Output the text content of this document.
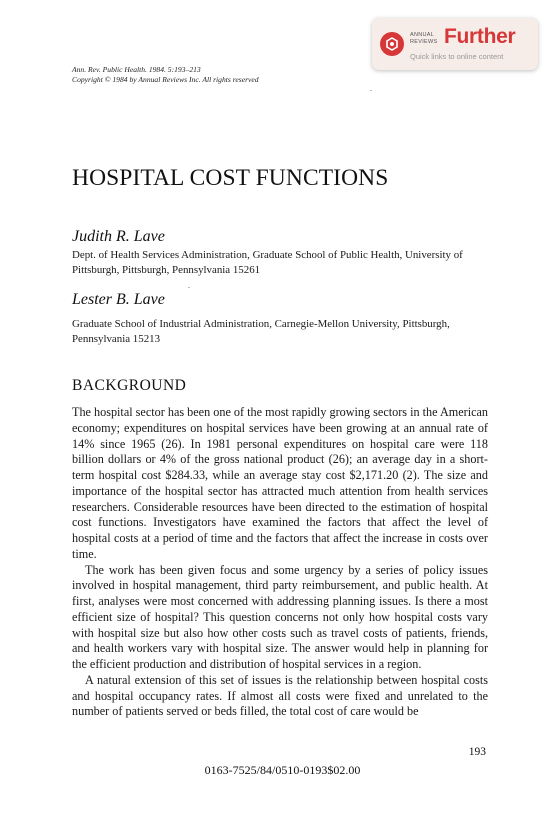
ANNUAL
REVIEWS Further
Quick links to online content
Ann. Rev. Public Health. 1984. 5:193–213
Copyright © 1984 by Annual Reviews Inc. All rights reserved
HOSPITAL COST FUNCTIONS
Judith R. Lave
Dept. of Health Services Administration, Graduate School of Public Health, University of Pittsburgh, Pittsburgh, Pennsylvania 15261
Lester B. Lave
Graduate School of Industrial Administration, Carnegie-Mellon University, Pittsburgh, Pennsylvania 15213
BACKGROUND

The hospital sector has been one of the most rapidly growing sectors in the American economy; expenditures on hospital services have been growing at an annual rate of 14% since 1965 (26). In 1981 personal expenditures on hospital care were 118 billion dollars or 4% of the gross national product (26); an average day in a short-term hospital cost $284.33, while an average stay cost $2,171.20 (2). The size and importance of the hospital sector has attracted much attention from health services researchers. Considerable resources have been directed to the estimation of hospital cost functions. Investigators have examined the factors that affect the level of hospital costs at a period of time and the factors that affect the increase in costs over time.

The work has been given focus and some urgency by a series of policy issues involved in hospital management, third party reimbursement, and public health. At first, analyses were most concerned with addressing planning issues. Is there a most efficient size of hospital? This question concerns not only how hospital costs vary with hospital size but also how other costs such as travel costs of patients, friends, and health workers vary with hospital size. The answer would help in planning for the efficient production and distribution of hospital services in a region.

A natural extension of this set of issues is the relationship between hospital costs and hospital occupancy rates. If almost all costs were fixed and unrelated to the number of patients served or beds filled, the total cost of care would be

193
0163-7525/84/0510-0193$02.00
